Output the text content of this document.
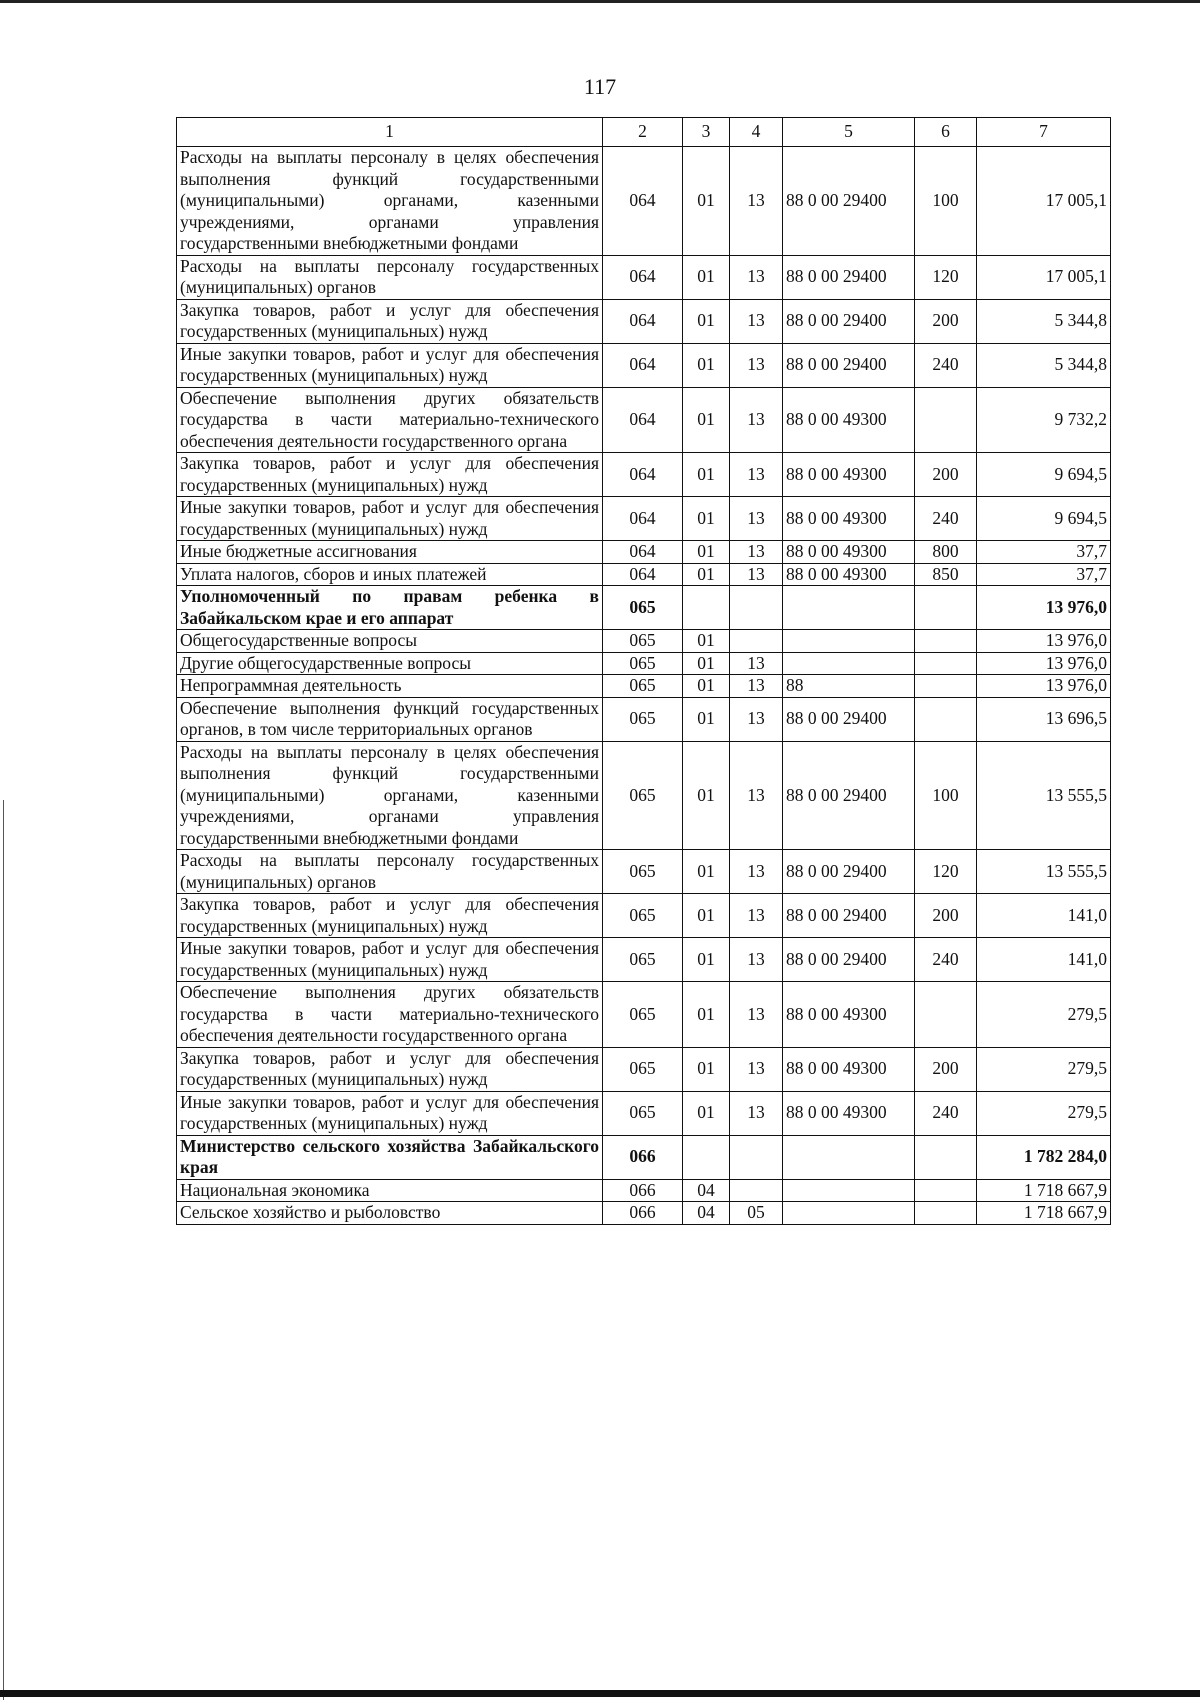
117
1	2	3	4	5	6	7
Расходы на выплаты персоналу в целях обеспечения выполнения функций государственными (муниципальными) органами, казенными учреждениями, органами управления государственными внебюджетными фондами	064	01	13	88 0 00 29400	100	17 005,1
Расходы на выплаты персоналу государственных (муниципальных) органов	064	01	13	88 0 00 29400	120	17 005,1
Закупка товаров, работ и услуг для обеспечения государственных (муниципальных) нужд	064	01	13	88 0 00 29400	200	5 344,8
Иные закупки товаров, работ и услуг для обеспечения государственных (муниципальных) нужд	064	01	13	88 0 00 29400	240	5 344,8
Обеспечение выполнения других обязательств государства в части материально-технического обеспечения деятельности государственного органа	064	01	13	88 0 00 49300		9 732,2
Закупка товаров, работ и услуг для обеспечения государственных (муниципальных) нужд	064	01	13	88 0 00 49300	200	9 694,5
Иные закупки товаров, работ и услуг для обеспечения государственных (муниципальных) нужд	064	01	13	88 0 00 49300	240	9 694,5
Иные бюджетные ассигнования	064	01	13	88 0 00 49300	800	37,7
Уплата налогов, сборов и иных платежей	064	01	13	88 0 00 49300	850	37,7
Уполномоченный по правам ребенка в Забайкальском крае и его аппарат	065					13 976,0
Общегосударственные вопросы	065	01				13 976,0
Другие общегосударственные вопросы	065	01	13			13 976,0
Непрограммная деятельность	065	01	13	88		13 976,0
Обеспечение выполнения функций государственных органов, в том числе территориальных органов	065	01	13	88 0 00 29400		13 696,5
Расходы на выплаты персоналу в целях обеспечения выполнения функций государственными (муниципальными) органами, казенными учреждениями, органами управления государственными внебюджетными фондами	065	01	13	88 0 00 29400	100	13 555,5
Расходы на выплаты персоналу государственных (муниципальных) органов	065	01	13	88 0 00 29400	120	13 555,5
Закупка товаров, работ и услуг для обеспечения государственных (муниципальных) нужд	065	01	13	88 0 00 29400	200	141,0
Иные закупки товаров, работ и услуг для обеспечения государственных (муниципальных) нужд	065	01	13	88 0 00 29400	240	141,0
Обеспечение выполнения других обязательств государства в части материально-технического обеспечения деятельности государственного органа	065	01	13	88 0 00 49300		279,5
Закупка товаров, работ и услуг для обеспечения государственных (муниципальных) нужд	065	01	13	88 0 00 49300	200	279,5
Иные закупки товаров, работ и услуг для обеспечения государственных (муниципальных) нужд	065	01	13	88 0 00 49300	240	279,5
Министерство сельского хозяйства Забайкальского края	066					1 782 284,0
Национальная экономика	066	04				1 718 667,9
Сельское хозяйство и рыболовство	066	04	05			1 718 667,9
